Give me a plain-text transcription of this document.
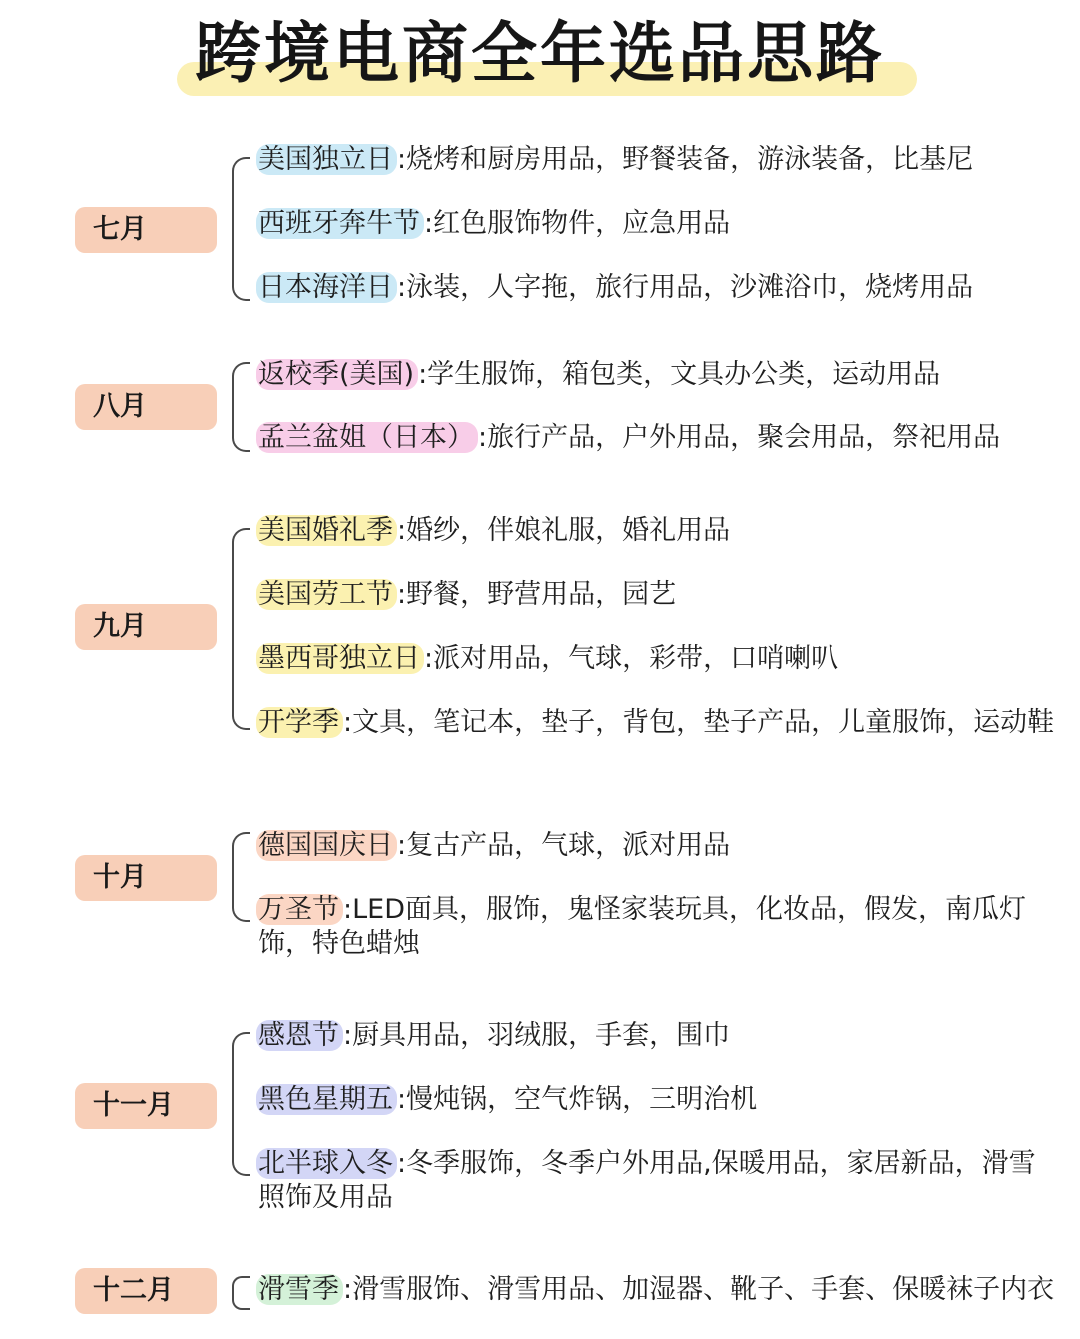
跨境电商全年选品思路
七月
美国独立日 :烧烤和厨房用品，野餐装备，游泳装备，比基尼
西班牙奔牛节 :红色服饰物件，应急用品
日本海洋日 :泳装，人字拖，旅行用品，沙滩浴巾，烧烤用品
八月
返校季(美国) :学生服饰，箱包类，文具办公类，运动用品
孟兰盆姐（日本） :旅行产品，户外用品，聚会用品，祭祀用品
九月
美国婚礼季 :婚纱，伴娘礼服，婚礼用品
美国劳工节 :野餐，野营用品，园艺
墨西哥独立日 :派对用品，气球，彩带，口哨喇叭
开学季 :文具，笔记本，垫子，背包，垫子产品，儿童服饰，运动鞋
十月
德国国庆日 :复古产品，气球，派对用品
万圣节 :LED面具，服饰，鬼怪家装玩具，化妆品，假发，南瓜灯饰，特色蜡烛
十一月
感恩节 :厨具用品，羽绒服，手套，围巾
黑色星期五 :慢炖锅，空气炸锅，三明治机
北半球入冬 :冬季服饰，冬季户外用品,保暖用品，家居新品，滑雪照饰及用品
十二月	滑雪季 :滑雪服饰、滑雪用品、加湿器、靴子、手套、保暖袜子内衣
